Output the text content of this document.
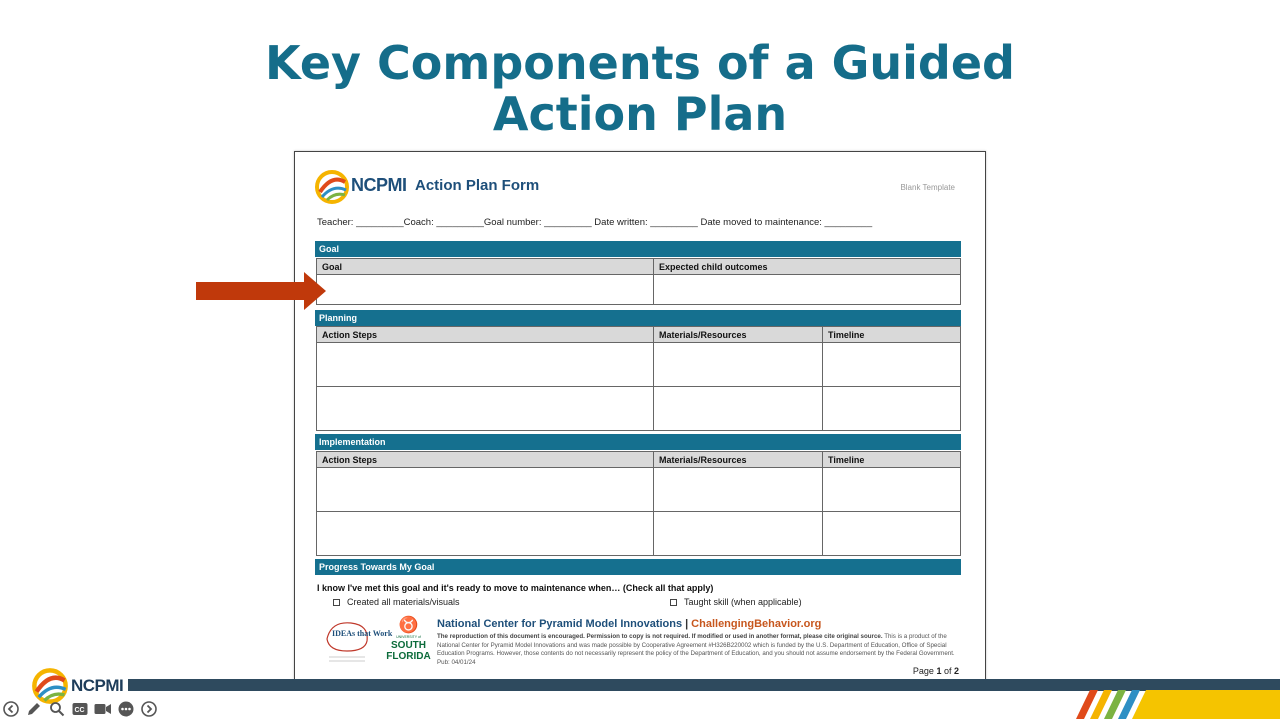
Key Components of a Guided
Action Plan
NCPMI Action Plan Form	Blank Template
Teacher: _________Coach: _________Goal number: _________ Date written: _________ Date moved to maintenance: _________
Goal
Goal	Expected child outcomes

Planning
Action Steps	Materials/Resources	Timeline

Implementation
Action Steps	Materials/Resources	Timeline

Progress Towards My Goal
I know I've met this goal and it's ready to move to maintenance when… (Check all that apply)
Created all materials/visuals	Taught skill (when applicable)
IDEAs that Work ♉
UNIVERSITY of
SOUTH
FLORIDA
National Center for Pyramid Model Innovations | ChallengingBehavior.org
The reproduction of this document is encouraged. Permission to copy is not required. If modified or used in another format, please cite original source. This is a product of the National Center for Pyramid Model Innovations and was made possible by Cooperative Agreement #H326B220002 which is funded by the U.S. Department of Education, Office of Special Education Programs. However, those contents do not necessarily represent the policy of the Department of Education, and you should not assume endorsement by the Federal Government. Pub: 04/01/24
Page 1 of 2
NCPMI
CC
